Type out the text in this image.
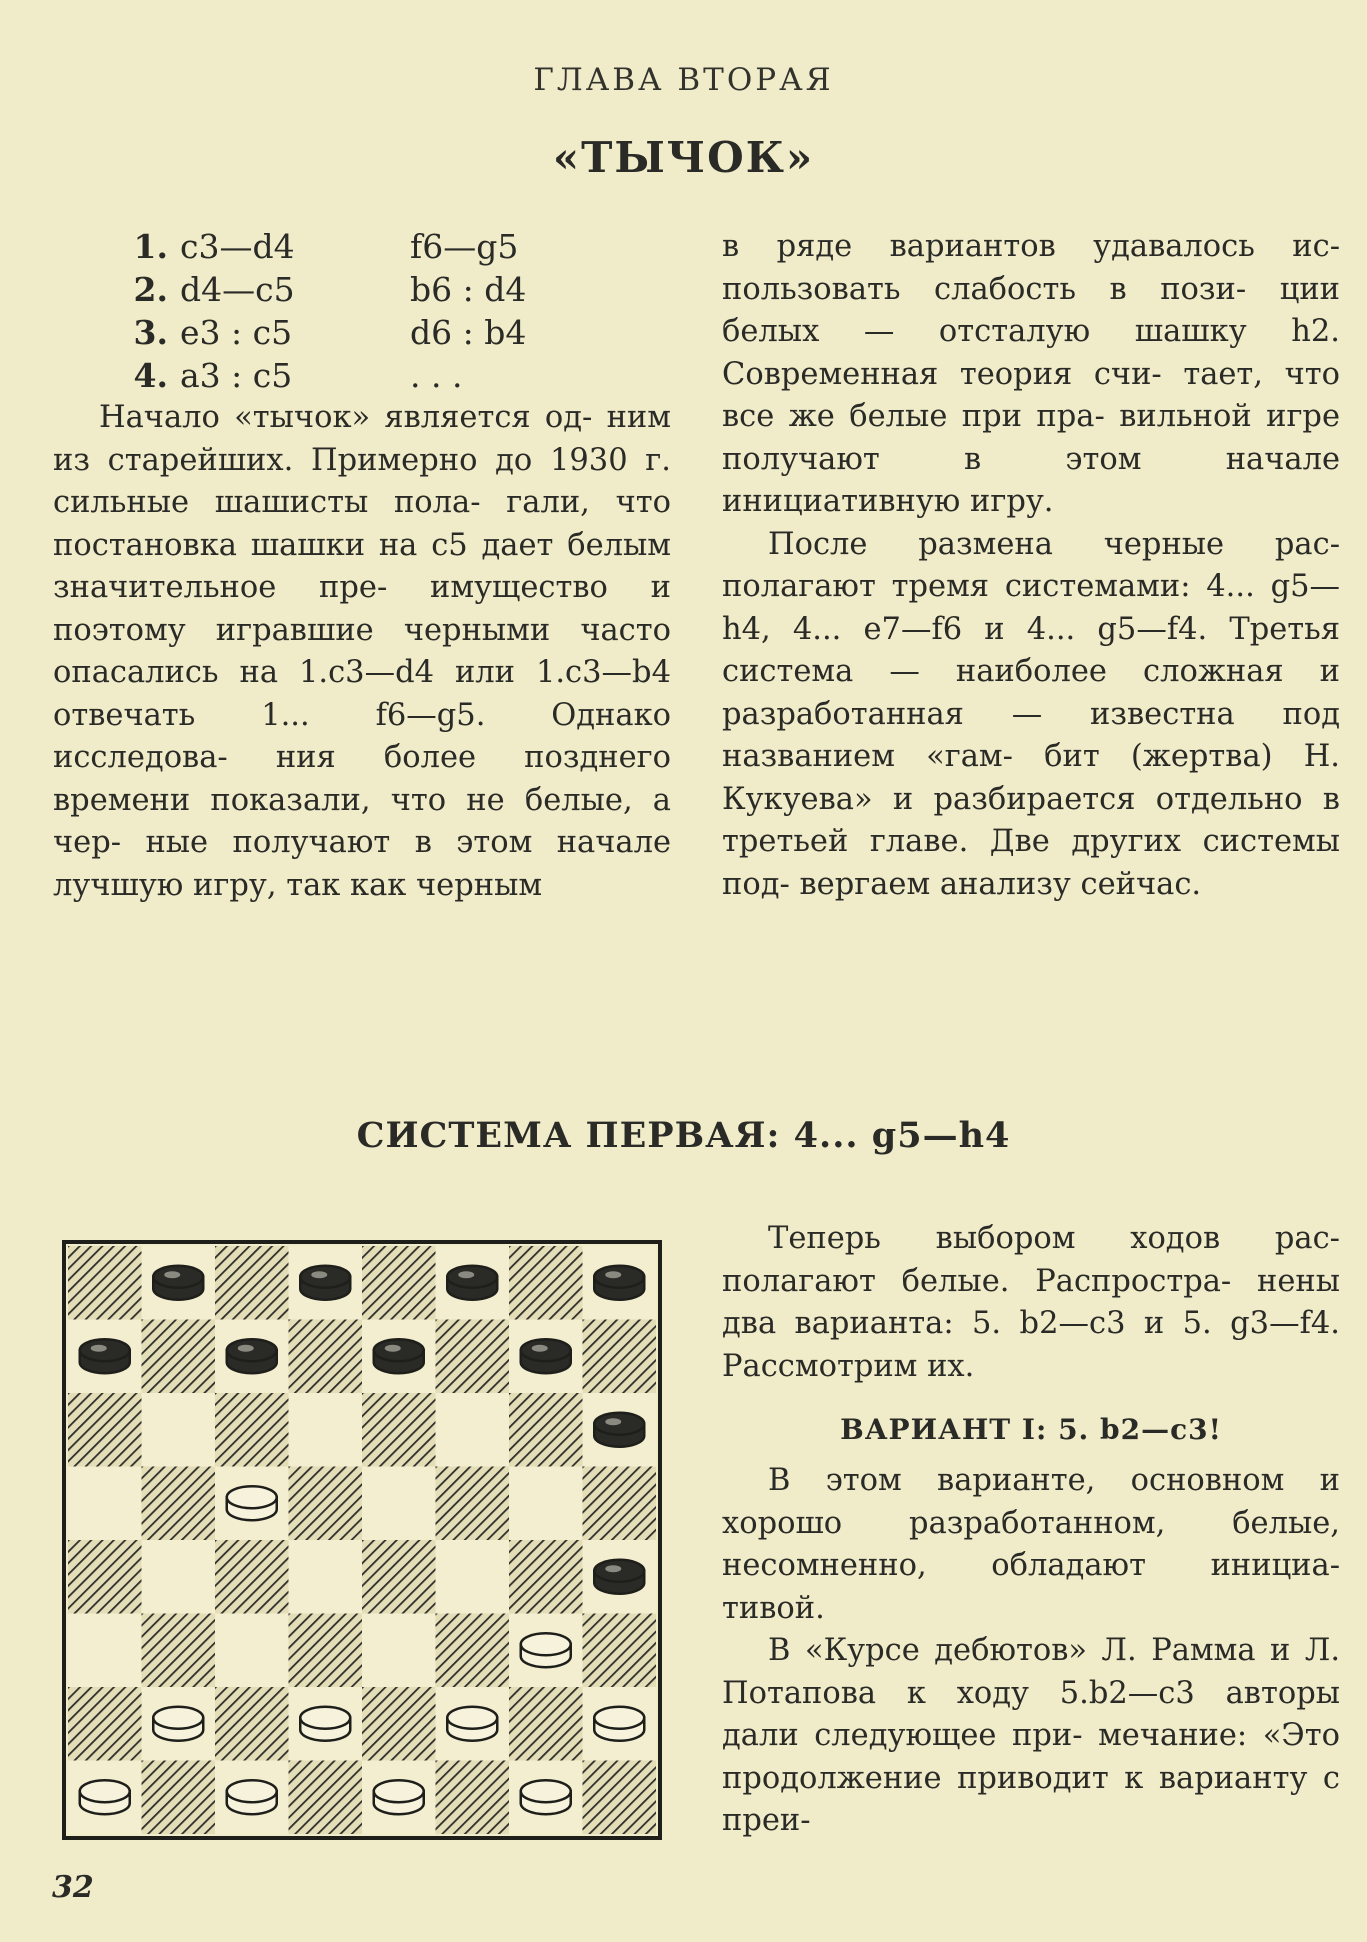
ГЛАВА ВТОРАЯ
«ТЫЧОК»
1. c3—d4	f6—g5
2. d4—c5	b6 : d4
3. e3 : c5	d6 : b4
4. a3 : c5	. . .

Начало «тычок» является од- ним из старейших. Примерно до 1930 г. сильные шашисты пола- гали, что постановка шашки на c5 дает белым значительное пре- имущество и поэтому игравшие черными часто опасались на 1.c3—d4 или 1.c3—b4 отвечать 1... f6—g5. Однако исследова- ния более позднего времени показали, что не белые, а чер- ные получают в этом начале лучшую игру, так как черным

в ряде вариантов удавалось ис- пользовать слабость в пози- ции белых — отсталую шашку h2. Современная теория счи- тает, что все же белые при пра- вильной игре получают в этом	начале инициативную игру.

После размена черные рас- полагают тремя системами: 4... g5—h4, 4... e7—f6 и 4... g5—f4. Третья система — наиболее сложная и разработанная — известна под названием «гам- бит (жертва) Н. Кукуева» и разбирается отдельно в третьей главе. Две других системы под- вергаем анализу сейчас.

СИСТЕМА ПЕРВАЯ: 4... g5—h4

Теперь выбором ходов рас- полагают белые. Распростра- нены два варианта: 5. b2—c3 и 5. g3—f4. Рассмотрим их.

ВАРИАНТ I: 5. b2—c3!

В этом варианте, основном и хорошо разработанном, белые, несомненно, обладают инициа- тивой.

В «Курсе дебютов» Л. Рамма и Л. Потапова к ходу 5.b2—c3 авторы дали следующее при- мечание: «Это продолжение приводит к варианту с преи-

32
